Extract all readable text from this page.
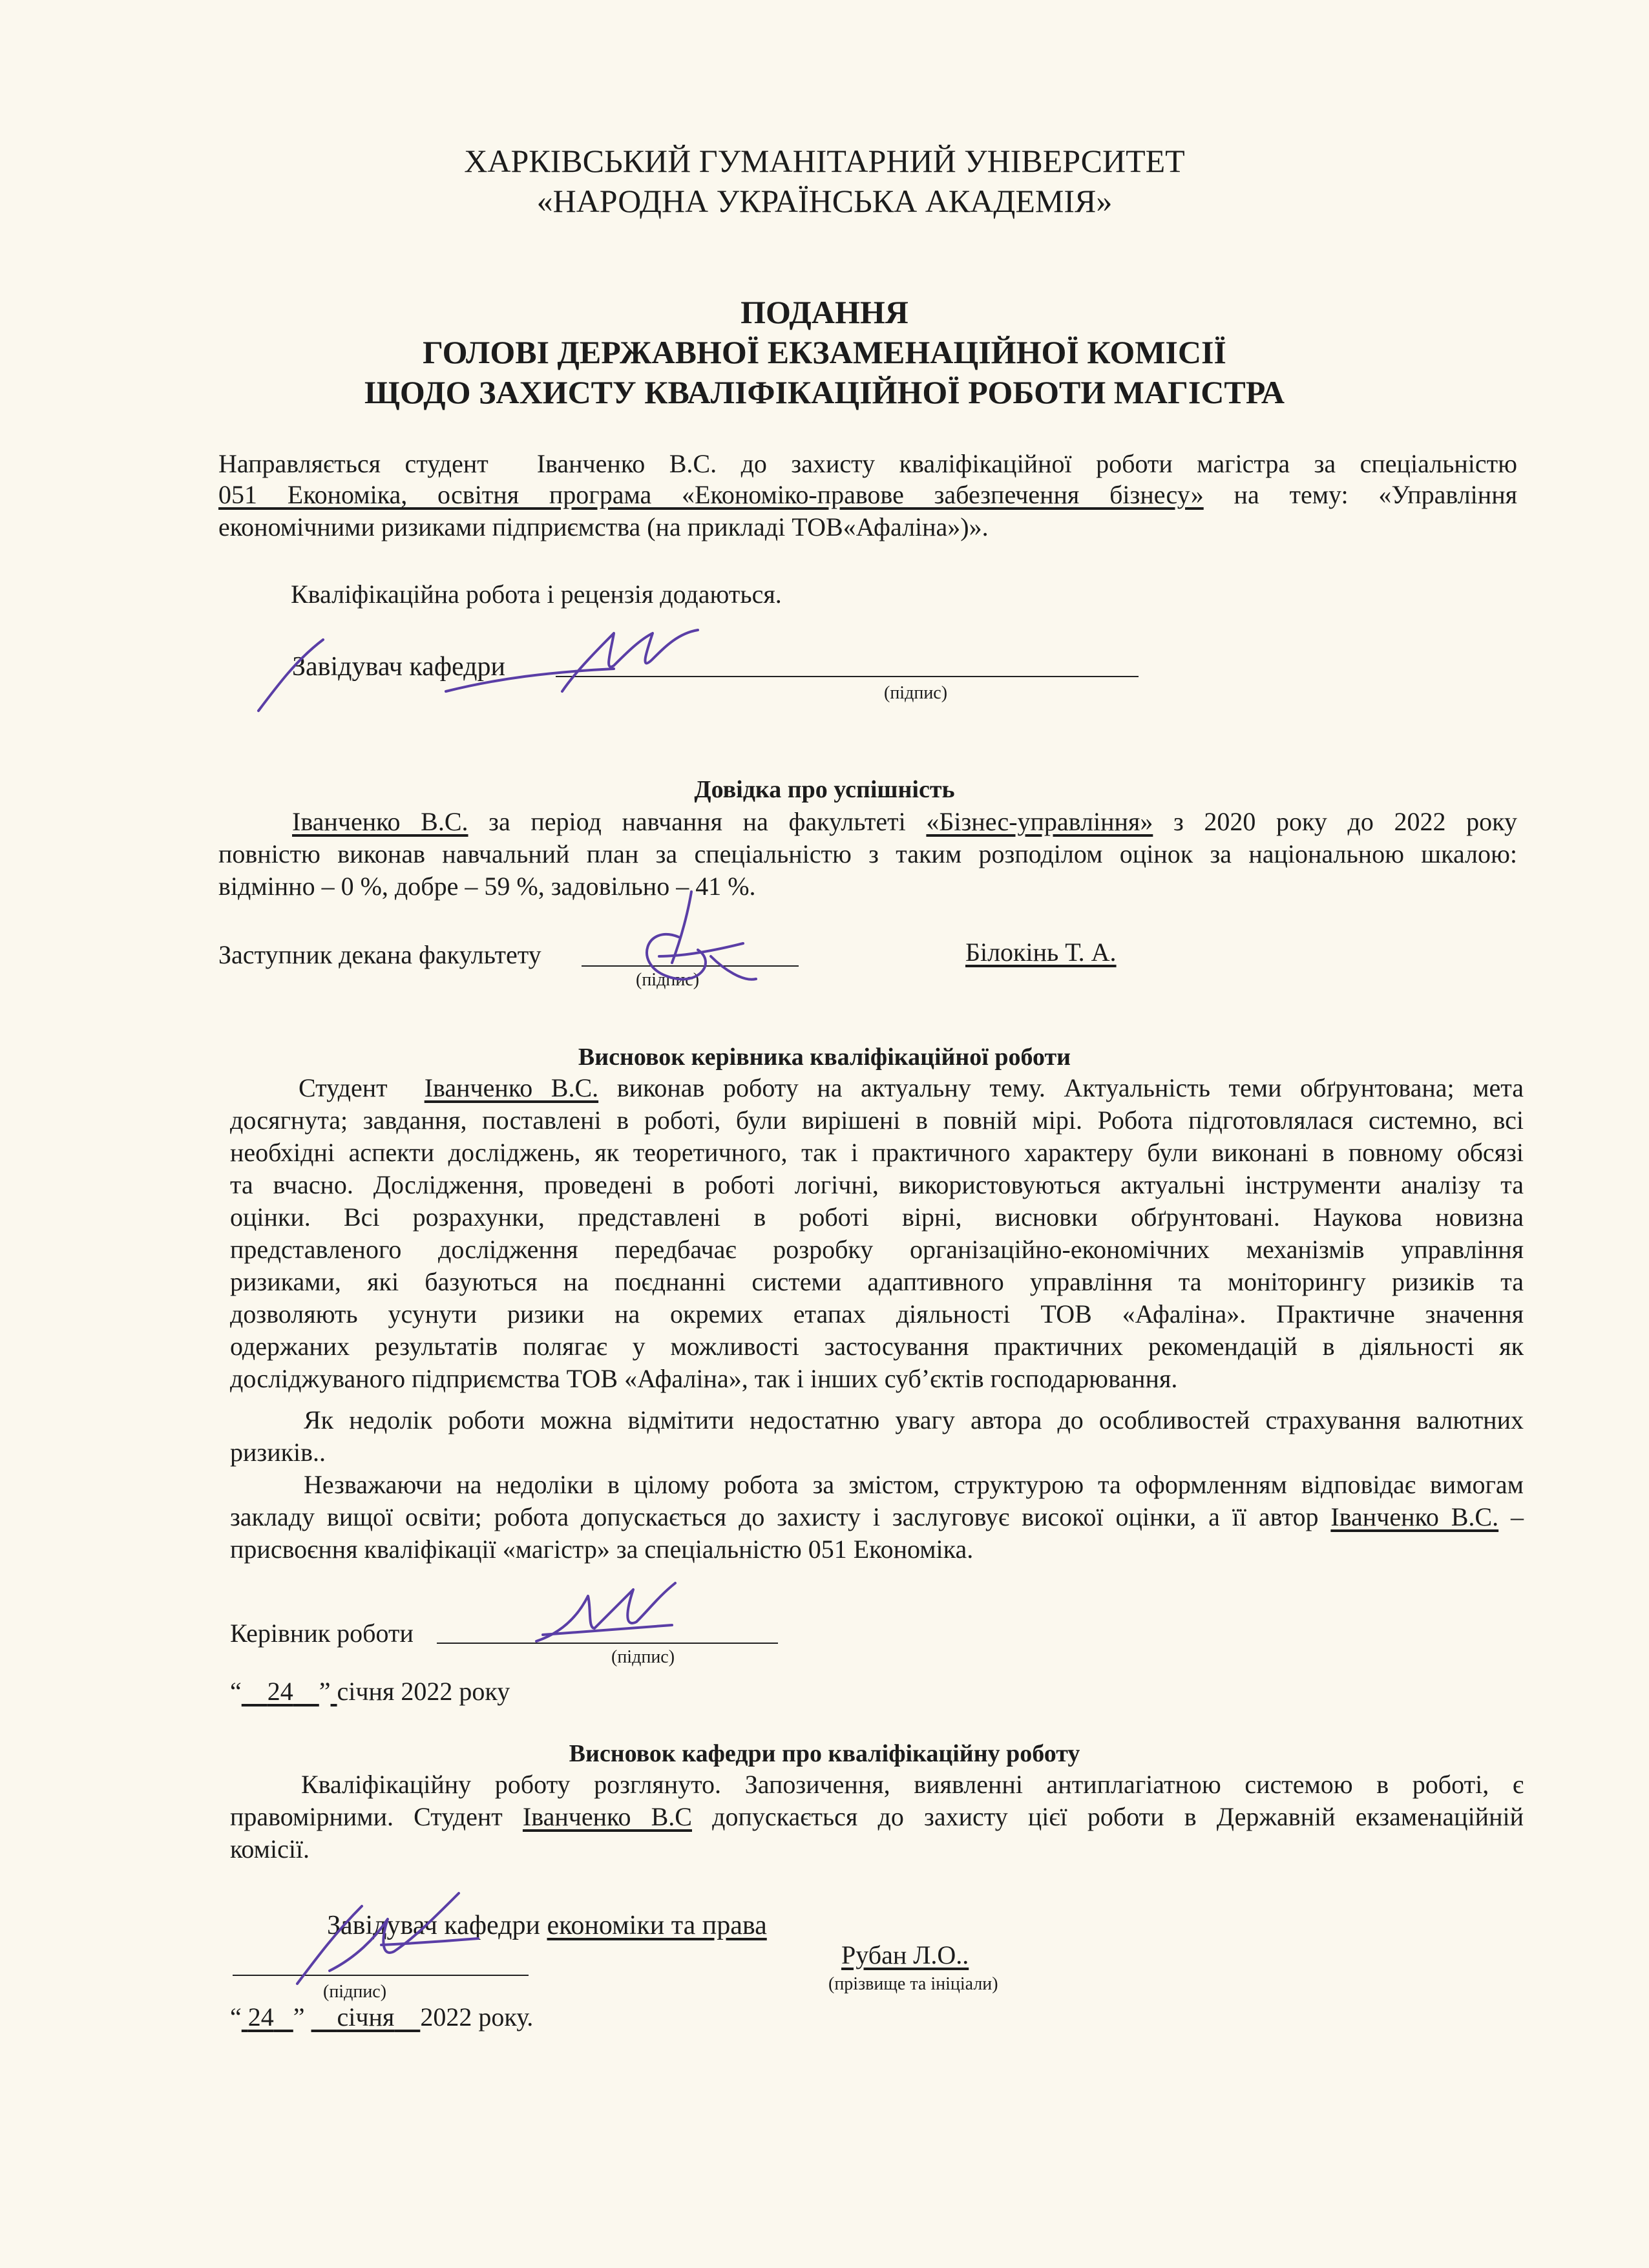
ХАРКІВСЬКИЙ ГУМАНІТАРНИЙ УНІВЕРСИТЕТ
«НАРОДНА УКРАЇНСЬКА АКАДЕМІЯ»
ПОДАННЯ
ГОЛОВІ ДЕРЖАВНОЇ ЕКЗАМЕНАЦІЙНОЇ КОМІСІЇ
ЩОДО ЗАХИСТУ КВАЛІФІКАЦІЙНОЇ РОБОТИ МАГІСТРА
Направляється студент Іванченко В.С. до захисту кваліфікаційної роботи магістра за спеціальністю
051 Економіка, освітня програма «Економіко-правове забезпечення бізнесу» на тему: «Управління
економічними ризиками підприємства (на прикладі ТОВ«Афаліна»)».
Кваліфікаційна робота і рецензія додаються.
Завідувач кафедри
(підпис)
Довідка про успішність
Іванченко В.С. за період навчання на факультеті «Бізнес-управління» з 2020 року до 2022 року
повністю виконав навчальний план за спеціальністю з таким розподілом оцінок за національною шкалою:
відмінно – 0 %, добре – 59 %, задовільно – 41 %.
Заступник декана факультету
(підпис)
Білокінь Т. А.
Висновок керівника кваліфікаційної роботи
Студент Іванченко В.С. виконав роботу на актуальну тему. Актуальність теми обґрунтована; мета
досягнута; завдання, поставлені в роботі, були вирішені в повній мірі. Робота підготовлялася системно, всі
необхідні аспекти досліджень, як теоретичного, так і практичного характеру були виконані в повному обсязі
та вчасно. Дослідження, проведені в роботі логічні, використовуються актуальні інструменти аналізу та
оцінки. Всі розрахунки, представлені в роботі вірні, висновки обґрунтовані. Наукова новизна
представленого дослідження передбачає розробку організаційно-економічних механізмів управління
ризиками, які базуються на поєднанні системи адаптивного управління та моніторингу ризиків та
дозволяють усунути ризики на окремих етапах діяльності ТОВ «Афаліна». Практичне значення
одержаних результатів полягає у можливості застосування практичних рекомендацій в діяльності як
досліджуваного підприємства ТОВ «Афаліна», так і інших суб’єктів господарювання.
Як недолік роботи можна відмітити недостатню увагу автора до особливостей страхування валютних
ризиків..
Незважаючи на недоліки в цілому робота за змістом, структурою та оформленням відповідає вимогам
закладу вищої освіти; робота допускається до захисту і заслуговує високої оцінки, а її автор Іванченко В.С. –
присвоєння кваліфікації «магістр» за спеціальністю 051 Економіка.
Керівник роботи
(підпис)
“ 24 ” січня 2022 року
Висновок кафедри про кваліфікаційну роботу
Кваліфікаційну роботу розглянуто. Запозичення, виявленні антиплагіатною системою в роботі, є
правомірними. Студент Іванченко В.С допускається до захисту цієї роботи в Державній екзаменаційній
комісії.
Завідувач кафедри економіки та права
(підпис)
Рубан Л.О..
(прізвище та ініціали)
“ 24 ” січня 2022 року.
